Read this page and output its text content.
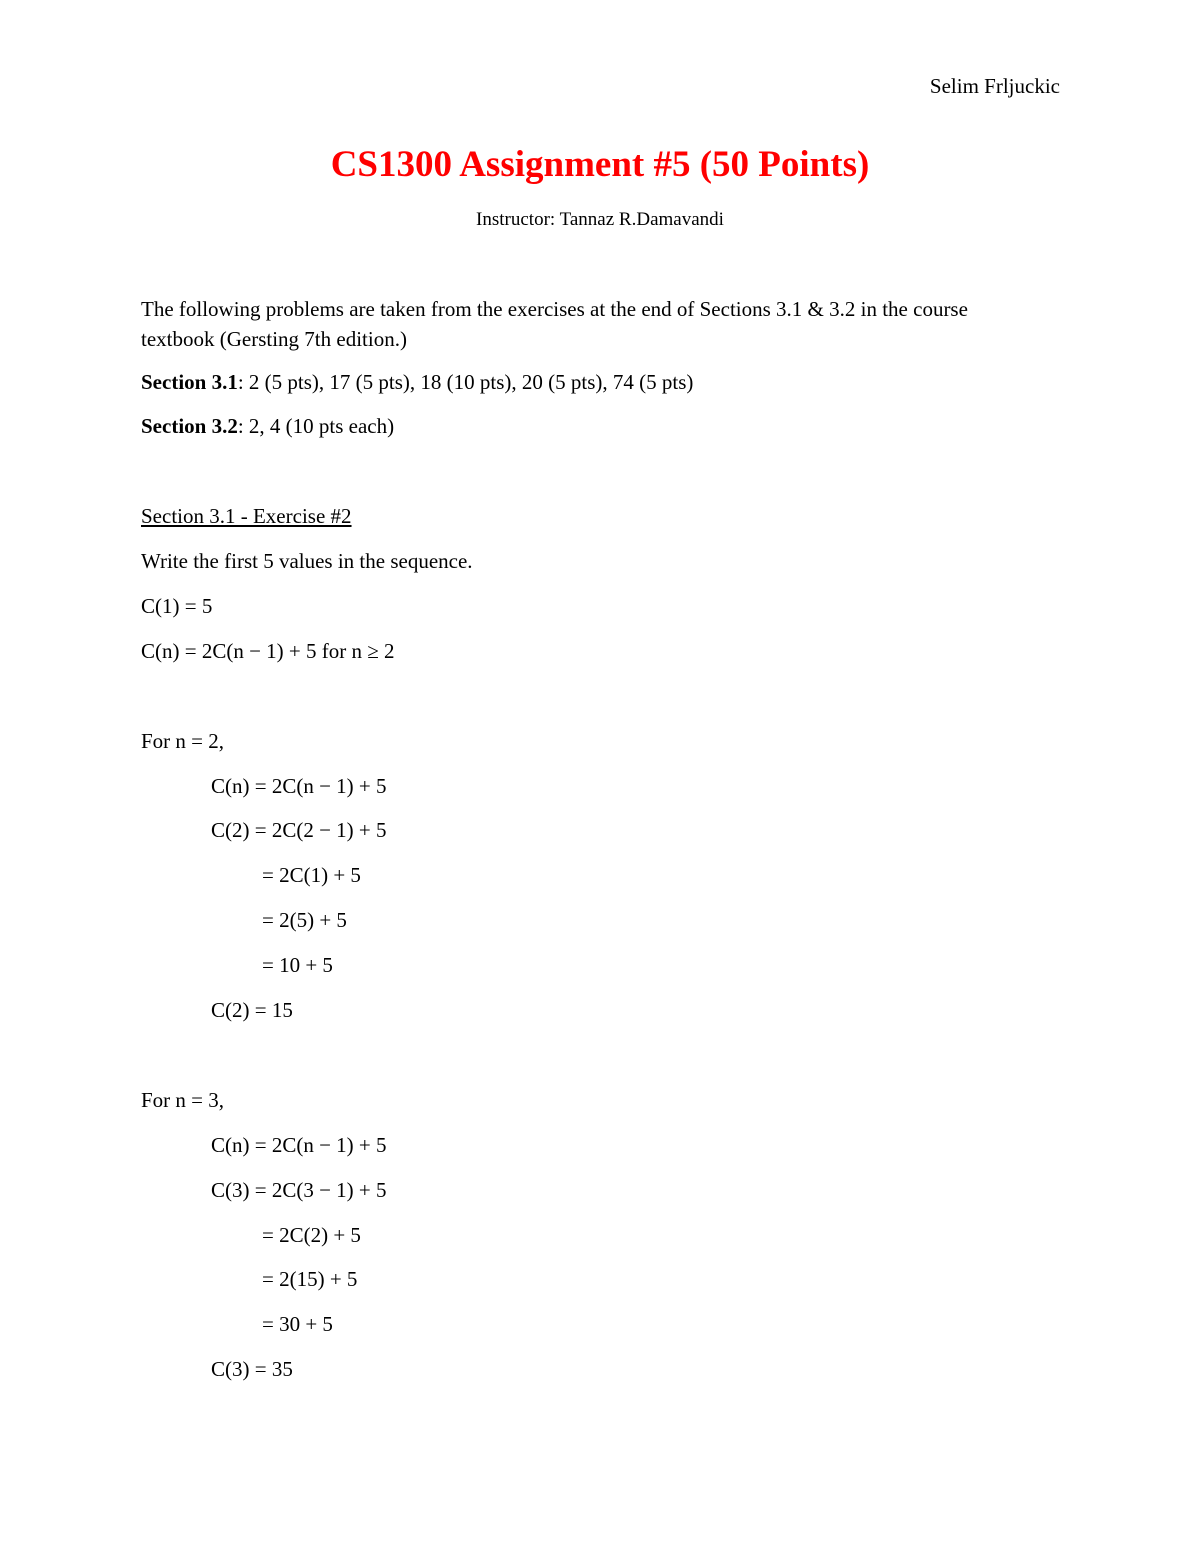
Selim Frljuckic
CS1300 Assignment #5 (50 Points)
Instructor: Tannaz R.Damavandi
The following problems are taken from the exercises at the end of Sections 3.1 & 3.2 in the course textbook (Gersting 7th edition.)
Section 3.1: 2 (5 pts), 17 (5 pts), 18 (10 pts), 20 (5 pts), 74 (5 pts)
Section 3.2: 2, 4 (10 pts each)
Section 3.1 - Exercise #2
Write the first 5 values in the sequence.
C(1) = 5
C(n) = 2C(n − 1) + 5 for n ≥ 2
For n = 2,
C(n) = 2C(n − 1) + 5
C(2) = 2C(2 − 1) + 5
= 2C(1) + 5
= 2(5) + 5
= 10 + 5
C(2) = 15
For n = 3,
C(n) = 2C(n − 1) + 5
C(3) = 2C(3 − 1) + 5
= 2C(2) + 5
= 2(15) + 5
= 30 + 5
C(3) = 35
